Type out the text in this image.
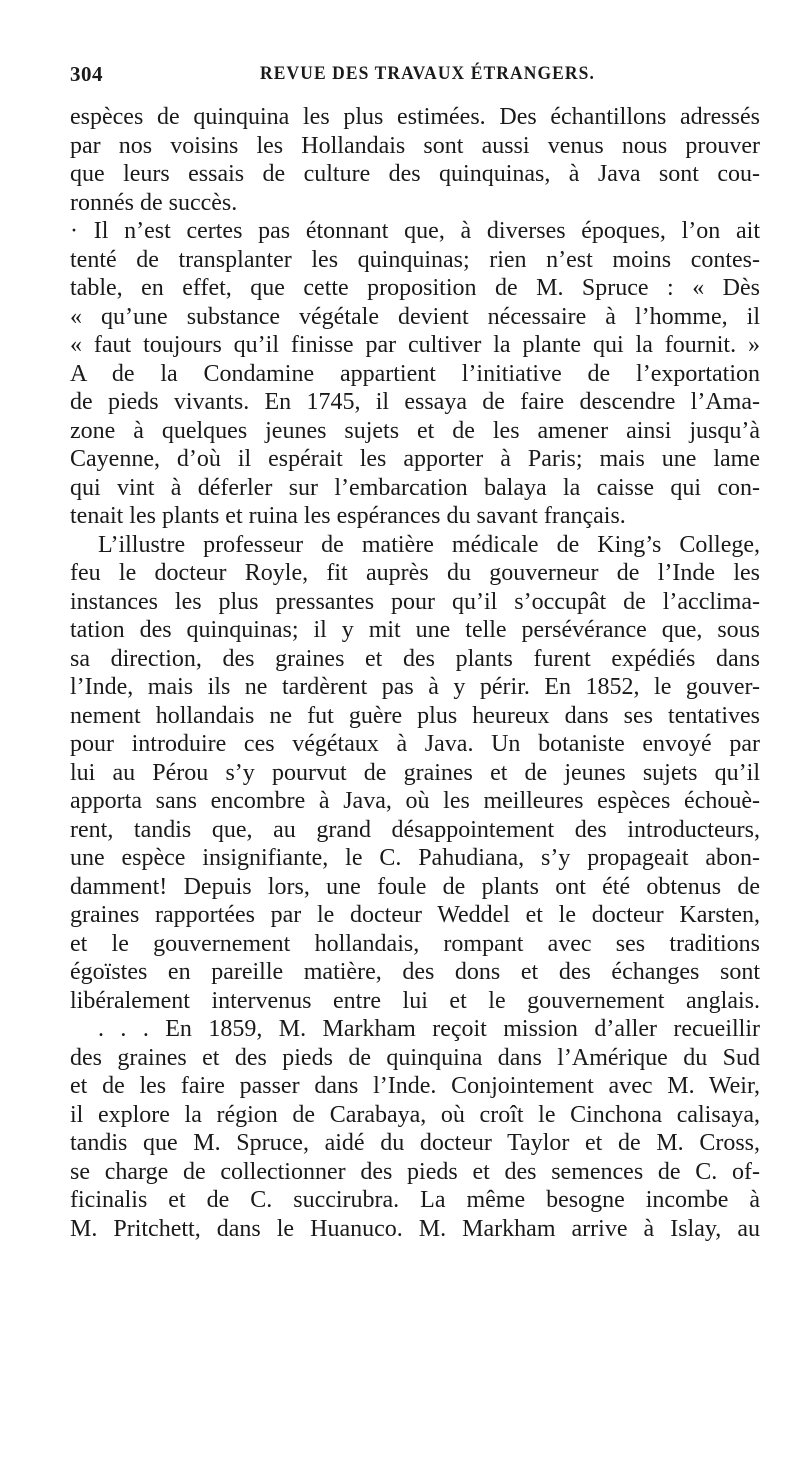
304	REVUE DES TRAVAUX ÉTRANGERS.
espèces de quinquina les plus estimées. Des échantillons adressés
par nos voisins les Hollandais sont aussi venus nous prouver
que leurs essais de culture des quinquinas, à Java sont cou-
ronnés de succès.
· Il n’est certes pas étonnant que, à diverses époques, l’on ait
tenté de transplanter les quinquinas; rien n’est moins contes-
table, en effet, que cette proposition de M. Spruce : « Dès
« qu’une substance végétale devient nécessaire à l’homme, il
« faut toujours qu’il finisse par cultiver la plante qui la fournit. »
A de la Condamine appartient l’initiative de l’exportation
de pieds vivants. En 1745, il essaya de faire descendre l’Ama-
zone à quelques jeunes sujets et de les amener ainsi jusqu’à
Cayenne, d’où il espérait les apporter à Paris; mais une lame
qui vint à déferler sur l’embarcation balaya la caisse qui con-
tenait les plants et ruina les espérances du savant français.
L’illustre professeur de matière médicale de King’s College,
feu le docteur Royle, fit auprès du gouverneur de l’Inde les
instances les plus pressantes pour qu’il s’occupât de l’acclima-
tation des quinquinas; il y mit une telle persévérance que, sous
sa direction, des graines et des plants furent expédiés dans
l’Inde, mais ils ne tardèrent pas à y périr. En 1852, le gouver-
nement hollandais ne fut guère plus heureux dans ses tentatives
pour introduire ces végétaux à Java. Un botaniste envoyé par
lui au Pérou s’y pourvut de graines et de jeunes sujets qu’il
apporta sans encombre à Java, où les meilleures espèces échouè-
rent, tandis que, au grand désappointement des introducteurs,
une espèce insignifiante, le C. Pahudiana, s’y propageait abon-
damment! Depuis lors, une foule de plants ont été obtenus de
graines rapportées par le docteur Weddel et le docteur Karsten,
et le gouvernement hollandais, rompant avec ses traditions
égoïstes en pareille matière, des dons et des échanges sont
libéralement intervenus entre lui et le gouvernement anglais.
. . . En 1859, M. Markham reçoit mission d’aller recueillir
des graines et des pieds de quinquina dans l’Amérique du Sud
et de les faire passer dans l’Inde. Conjointement avec M. Weir,
il explore la région de Carabaya, où croît le Cinchona calisaya,
tandis que M. Spruce, aidé du docteur Taylor et de M. Cross,
se charge de collectionner des pieds et des semences de C. of-
ficinalis et de C. succirubra. La même besogne incombe à
M. Pritchett, dans le Huanuco. M. Markham arrive à Islay, au
